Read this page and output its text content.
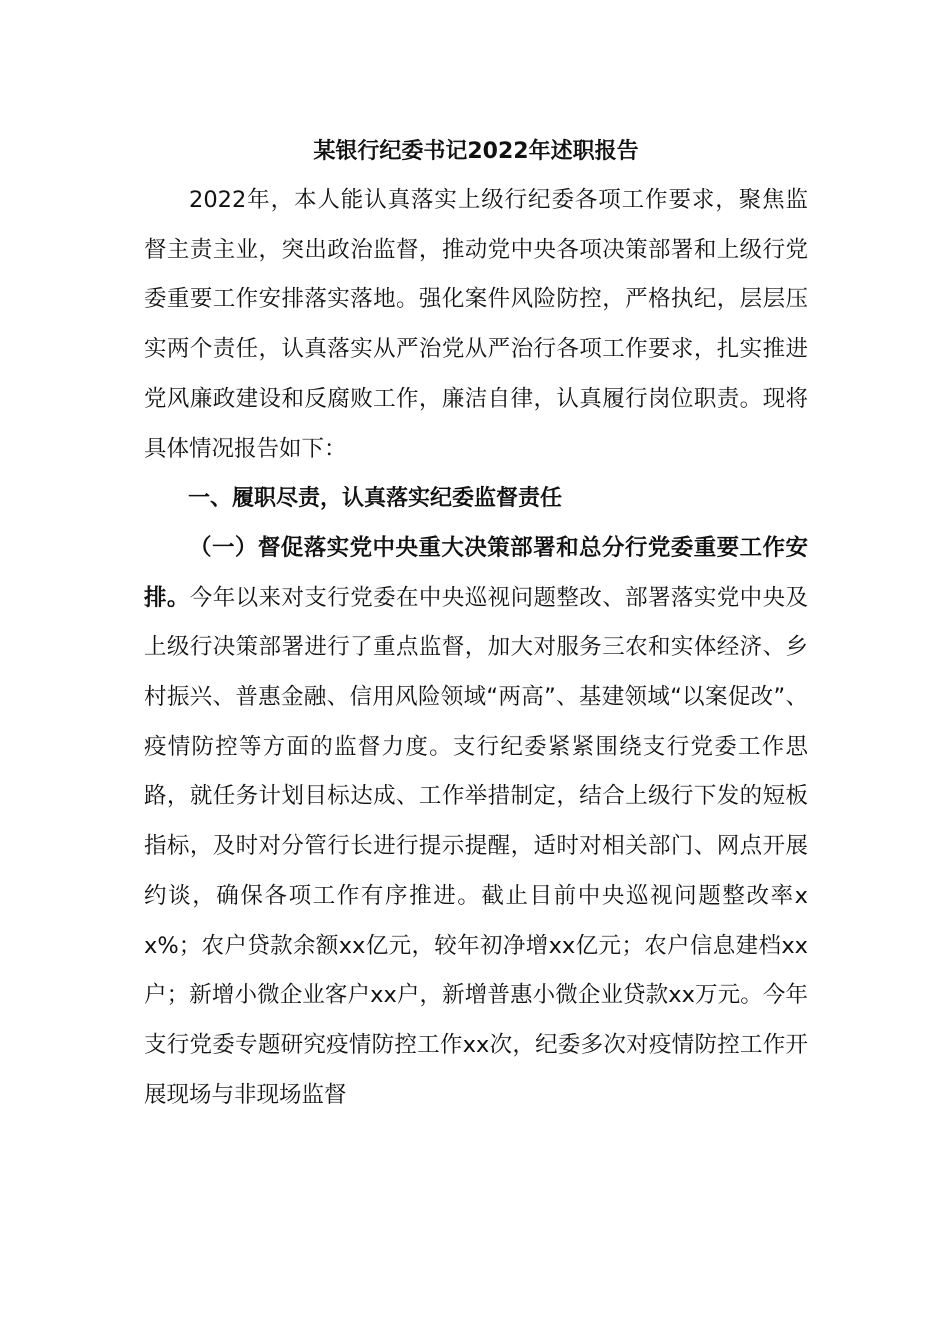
某银行纪委书记2022年述职报告

2022年，本人能认真落实上级行纪委各项工作要求，聚焦监督主责主业，突出政治监督，推动党中央各项决策部署和上级行党委重要工作安排落实落地。强化案件风险防控，严格执纪，层层压实两个责任，认真落实从严治党从严治行各项工作要求，扎实推进党风廉政建设和反腐败工作，廉洁自律，认真履行岗位职责。现将具体情况报告如下：

一、履职尽责，认真落实纪委监督责任

（一）督促落实党中央重大决策部署和总分行党委重要工作安排。今年以来对支行党委在中央巡视问题整改、部署落实党中央及上级行决策部署进行了重点监督，加大对服务三农和实体经济、乡村振兴、普惠金融、信用风险领域“两高”、基建领域“以案促改”、疫情防控等方面的监督力度。支行纪委紧紧围绕支行党委工作思路，就任务计划目标达成、工作举措制定，结合上级行下发的短板指标，及时对分管行长进行提示提醒，适时对相关部门、网点开展约谈，确保各项工作有序推进。截止目前中央巡视问题整改率xx%；农户贷款余额xx亿元，较年初净增xx亿元；农户信息建档xx户；新增小微企业客户xx户，新增普惠小微企业贷款xx万元。今年支行党委专题研究疫情防控工作xx次，纪委多次对疫情防控工作开展现场与非现场监督
